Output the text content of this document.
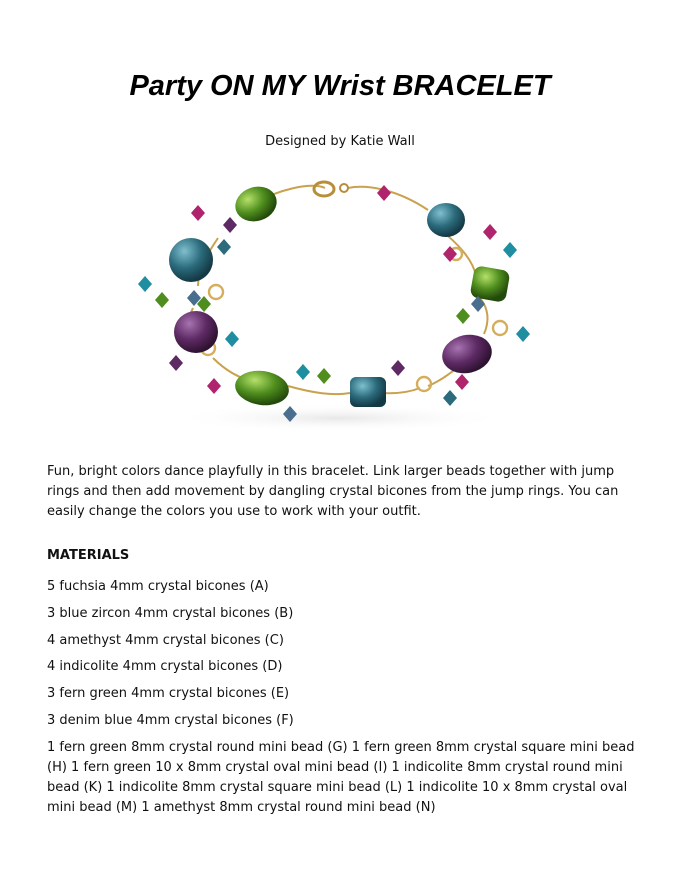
Party ON MY Wrist BRACELET

Designed by Katie Wall

Fun, bright colors dance playfully in this bracelet. Link larger beads together with jump rings and then add movement by dangling crystal bicones from the jump rings. You can easily change the colors you use to work with your outfit.

MATERIALS
5 fuchsia 4mm crystal bicones (A)
3 blue zircon 4mm crystal bicones (B)
4 amethyst 4mm crystal bicones (C)
4 indicolite 4mm crystal bicones (D)
3 fern green 4mm crystal bicones (E)
3 denim blue 4mm crystal bicones (F)
1 fern green 8mm crystal round mini bead (G) 1 fern green 8mm crystal square mini bead (H) 1 fern green 10 x 8mm crystal oval mini bead (I) 1 indicolite 8mm crystal round mini bead (K) 1 indicolite 8mm crystal square mini bead (L) 1 indicolite 10 x 8mm crystal oval mini bead (M) 1 amethyst 8mm crystal round mini bead (N)
